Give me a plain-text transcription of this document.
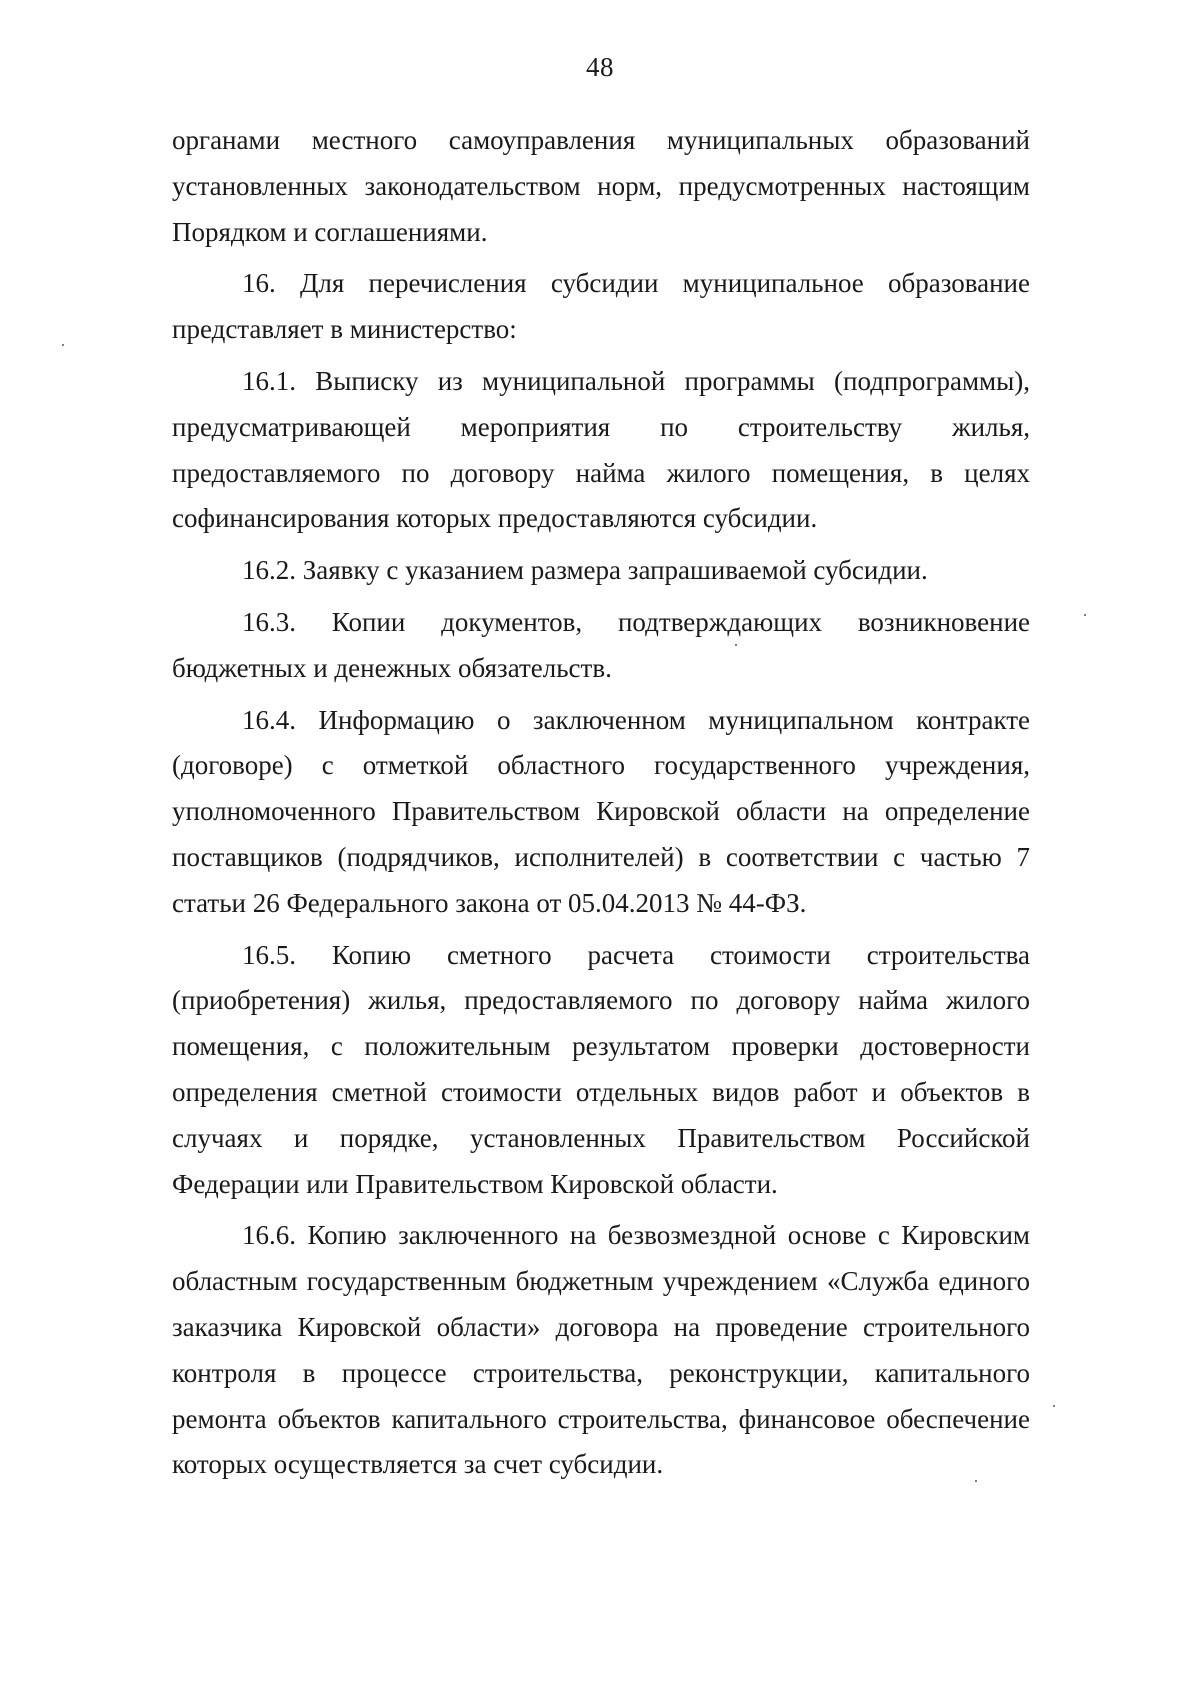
48

органами местного самоуправления муниципальных образований установленных законодательством норм, предусмотренных настоящим Порядком и соглашениями.

16. Для перечисления субсидии муниципальное образование представляет в министерство:

16.1. Выписку из муниципальной программы (подпрограммы), предусматривающей мероприятия по строительству жилья, предоставляемого по договору найма жилого помещения, в целях софинансирования которых предоставляются субсидии.

16.2. Заявку с указанием размера запрашиваемой субсидии.

16.3. Копии документов, подтверждающих возникновение бюджетных и денежных обязательств.

16.4. Информацию о заключенном муниципальном контракте (договоре) с отметкой областного государственного учреждения, уполномоченного Правительством Кировской области на определение поставщиков (подрядчиков, исполнителей) в соответствии с частью 7 статьи 26 Федерального закона от 05.04.2013 № 44-ФЗ.

16.5. Копию сметного расчета стоимости строительства (приобретения) жилья, предоставляемого по договору найма жилого помещения, с положительным результатом проверки достоверности определения сметной стоимости отдельных видов работ и объектов в случаях и порядке, установленных Правительством Российской Федерации или Правительством Кировской области.

16.6. Копию заключенного на безвозмездной основе с Кировским областным государственным бюджетным учреждением «Служба единого заказчика Кировской области» договора на проведение строительного контроля в процессе строительства, реконструкции, капитального ремонта объектов капитального строительства, финансовое обеспечение которых осуществляется за счет субсидии.
